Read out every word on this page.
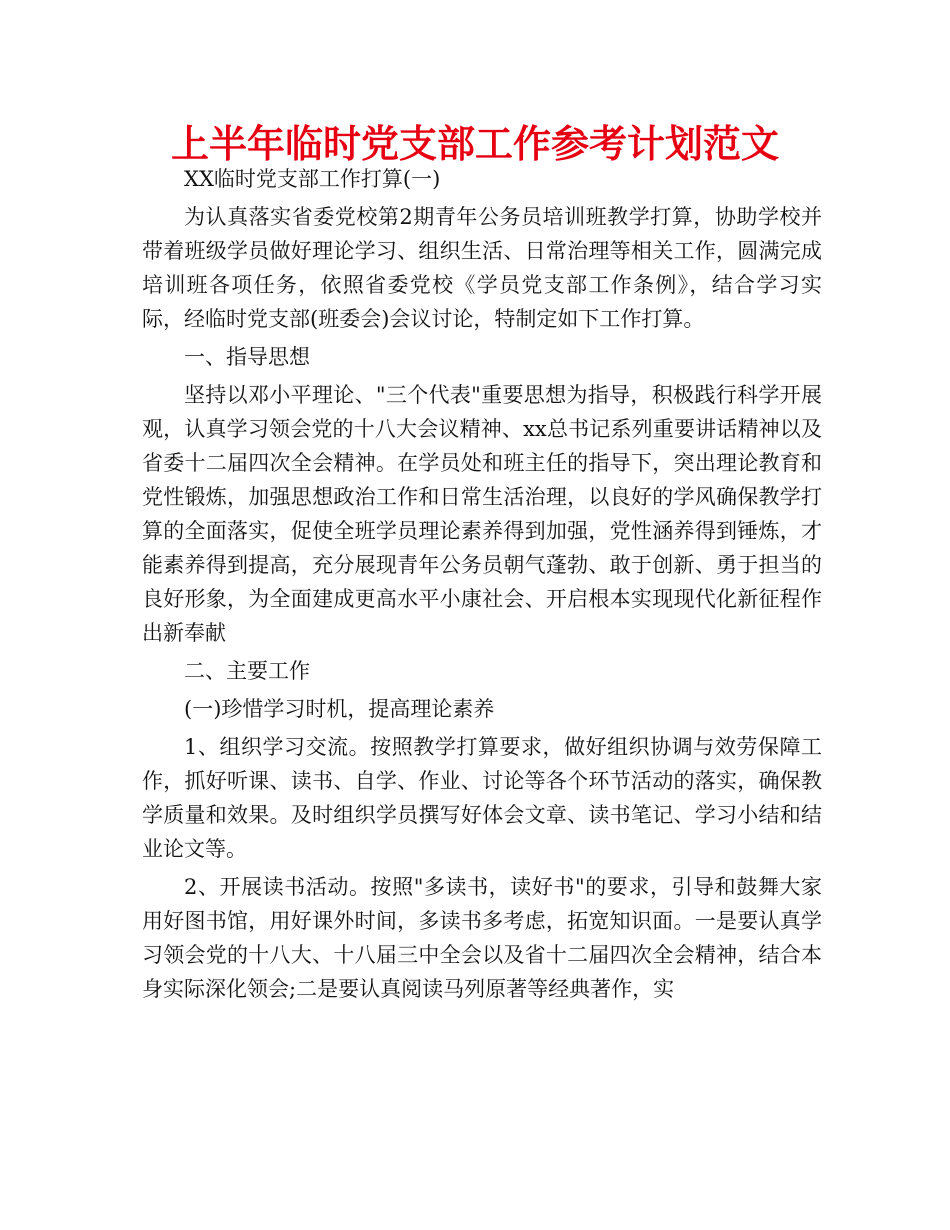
上半年临时党支部工作参考计划范文

XX临时党支部工作打算(一)

为认真落实省委党校第2期青年公务员培训班教学打算，协助学校并带着班级学员做好理论学习、组织生活、日常治理等相关工作，圆满完成培训班各项任务，依照省委党校《学员党支部工作条例》，结合学习实际，经临时党支部(班委会)会议讨论，特制定如下工作打算。

一、指导思想

坚持以邓小平理论、"三个代表"重要思想为指导，积极践行科学开展观，认真学习领会党的十八大会议精神、xx总书记系列重要讲话精神以及省委十二届四次全会精神。在学员处和班主任的指导下，突出理论教育和党性锻炼，加强思想政治工作和日常生活治理，以良好的学风确保教学打算的全面落实，促使全班学员理论素养得到加强，党性涵养得到锤炼，才能素养得到提高，充分展现青年公务员朝气蓬勃、敢于创新、勇于担当的良好形象，为全面建成更高水平小康社会、开启根本实现现代化新征程作出新奉献

二、主要工作

(一)珍惜学习时机，提高理论素养

1、组织学习交流。按照教学打算要求，做好组织协调与效劳保障工作，抓好听课、读书、自学、作业、讨论等各个环节活动的落实，确保教学质量和效果。及时组织学员撰写好体会文章、读书笔记、学习小结和结业论文等。

2、开展读书活动。按照"多读书，读好书"的要求，引导和鼓舞大家用好图书馆，用好课外时间，多读书多考虑，拓宽知识面。一是要认真学习领会党的十八大、十八届三中全会以及省十二届四次全会精神，结合本身实际深化领会;二是要认真阅读马列原著等经典著作，实
